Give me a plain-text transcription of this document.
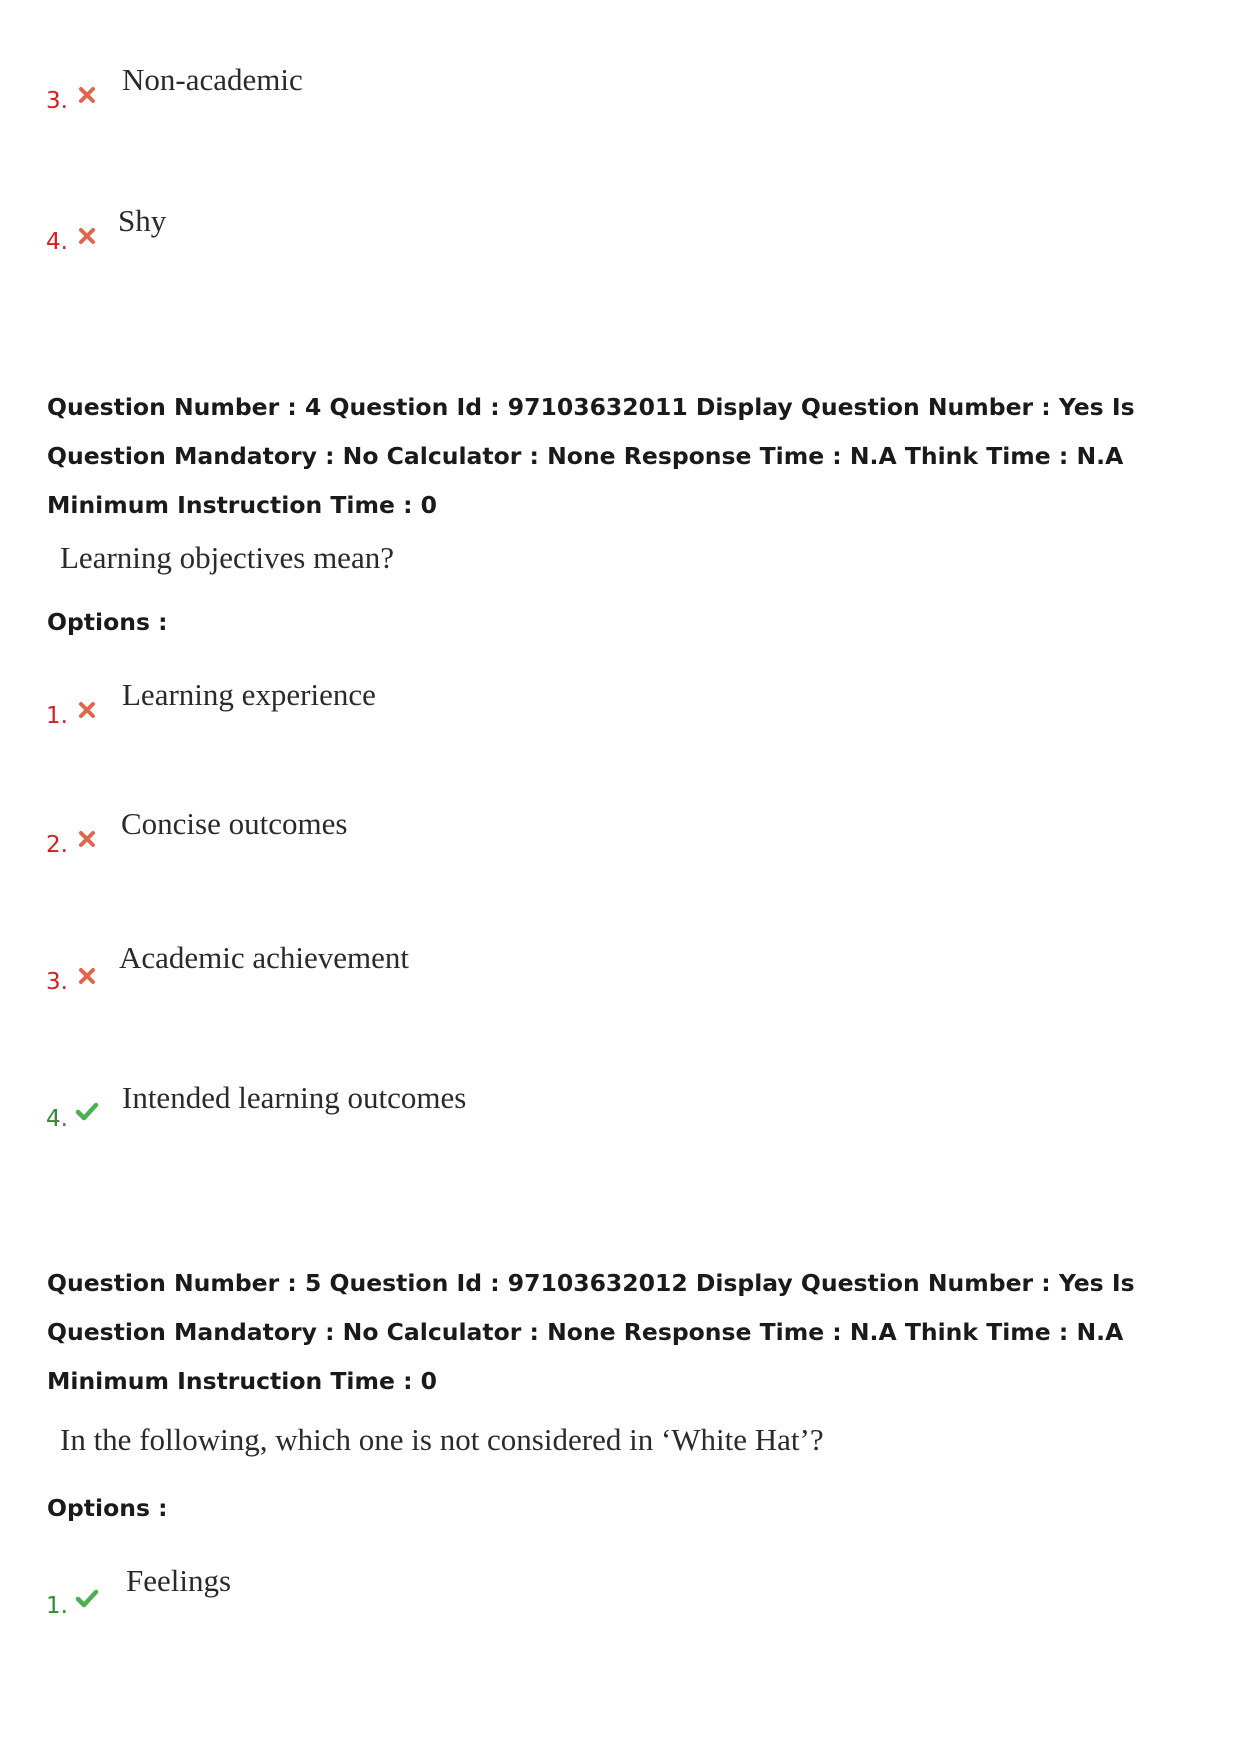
3.
Non-academic
4.
Shy
Question Number : 4 Question Id : 97103632011 Display Question Number : Yes Is Question Mandatory : No Calculator : None Response Time : N.A Think Time : N.A Minimum Instruction Time : 0
Learning objectives mean?
Options :
1.
Learning experience
2.
Concise outcomes
3.
Academic achievement
4.
Intended learning outcomes
Question Number : 5 Question Id : 97103632012 Display Question Number : Yes Is Question Mandatory : No Calculator : None Response Time : N.A Think Time : N.A Minimum Instruction Time : 0
In the following, which one is not considered in ‘White Hat’?
Options :
1.
Feelings
